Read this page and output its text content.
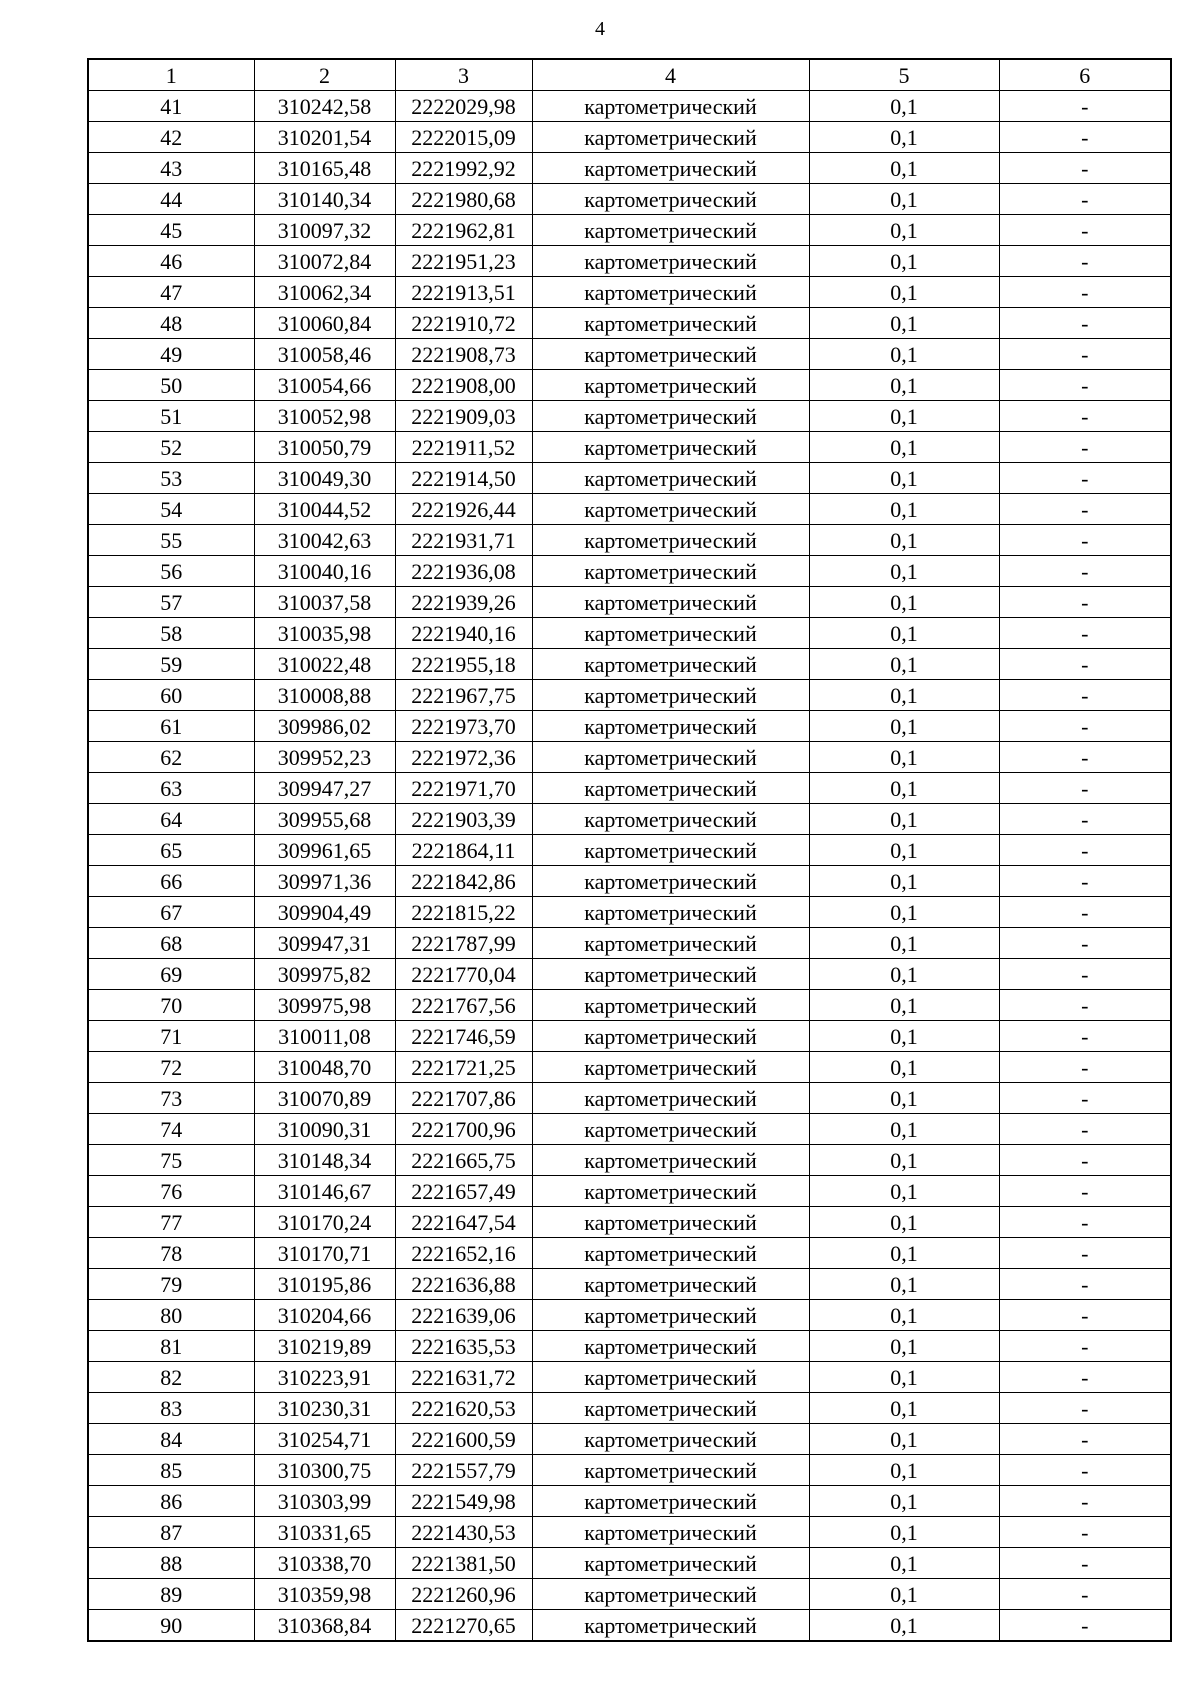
4
1	2	3	4	5	6
41	310242,58	2222029,98	картометрический	0,1	-
42	310201,54	2222015,09	картометрический	0,1	-
43	310165,48	2221992,92	картометрический	0,1	-
44	310140,34	2221980,68	картометрический	0,1	-
45	310097,32	2221962,81	картометрический	0,1	-
46	310072,84	2221951,23	картометрический	0,1	-
47	310062,34	2221913,51	картометрический	0,1	-
48	310060,84	2221910,72	картометрический	0,1	-
49	310058,46	2221908,73	картометрический	0,1	-
50	310054,66	2221908,00	картометрический	0,1	-
51	310052,98	2221909,03	картометрический	0,1	-
52	310050,79	2221911,52	картометрический	0,1	-
53	310049,30	2221914,50	картометрический	0,1	-
54	310044,52	2221926,44	картометрический	0,1	-
55	310042,63	2221931,71	картометрический	0,1	-
56	310040,16	2221936,08	картометрический	0,1	-
57	310037,58	2221939,26	картометрический	0,1	-
58	310035,98	2221940,16	картометрический	0,1	-
59	310022,48	2221955,18	картометрический	0,1	-
60	310008,88	2221967,75	картометрический	0,1	-
61	309986,02	2221973,70	картометрический	0,1	-
62	309952,23	2221972,36	картометрический	0,1	-
63	309947,27	2221971,70	картометрический	0,1	-
64	309955,68	2221903,39	картометрический	0,1	-
65	309961,65	2221864,11	картометрический	0,1	-
66	309971,36	2221842,86	картометрический	0,1	-
67	309904,49	2221815,22	картометрический	0,1	-
68	309947,31	2221787,99	картометрический	0,1	-
69	309975,82	2221770,04	картометрический	0,1	-
70	309975,98	2221767,56	картометрический	0,1	-
71	310011,08	2221746,59	картометрический	0,1	-
72	310048,70	2221721,25	картометрический	0,1	-
73	310070,89	2221707,86	картометрический	0,1	-
74	310090,31	2221700,96	картометрический	0,1	-
75	310148,34	2221665,75	картометрический	0,1	-
76	310146,67	2221657,49	картометрический	0,1	-
77	310170,24	2221647,54	картометрический	0,1	-
78	310170,71	2221652,16	картометрический	0,1	-
79	310195,86	2221636,88	картометрический	0,1	-
80	310204,66	2221639,06	картометрический	0,1	-
81	310219,89	2221635,53	картометрический	0,1	-
82	310223,91	2221631,72	картометрический	0,1	-
83	310230,31	2221620,53	картометрический	0,1	-
84	310254,71	2221600,59	картометрический	0,1	-
85	310300,75	2221557,79	картометрический	0,1	-
86	310303,99	2221549,98	картометрический	0,1	-
87	310331,65	2221430,53	картометрический	0,1	-
88	310338,70	2221381,50	картометрический	0,1	-
89	310359,98	2221260,96	картометрический	0,1	-
90	310368,84	2221270,65	картометрический	0,1	-
